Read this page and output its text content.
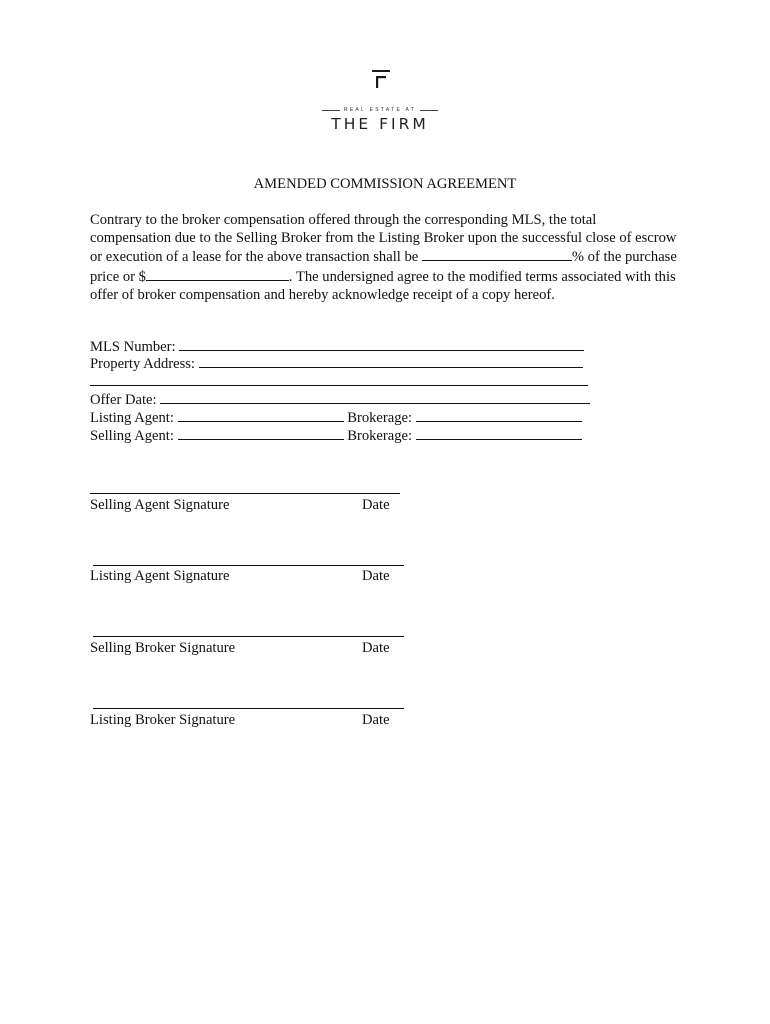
REAL ESTATE AT
THE FIRM
AMENDED COMMISSION AGREEMENT
Contrary to the broker compensation offered through the corresponding MLS, the total compensation due to the Selling Broker from the Listing Broker upon the successful close of escrow or execution of a lease for the above transaction shall be	% of the purchase price or $	. The undersigned agree to the modified terms associated with this offer of broker compensation and hereby acknowledge receipt of a copy hereof.
MLS Number:
Property Address:
Offer Date:
Listing Agent:	Brokerage:
Selling Agent:	Brokerage:
Selling Agent Signature	Date
Listing Agent Signature	Date
Selling Broker Signature	Date
Listing Broker Signature	Date
